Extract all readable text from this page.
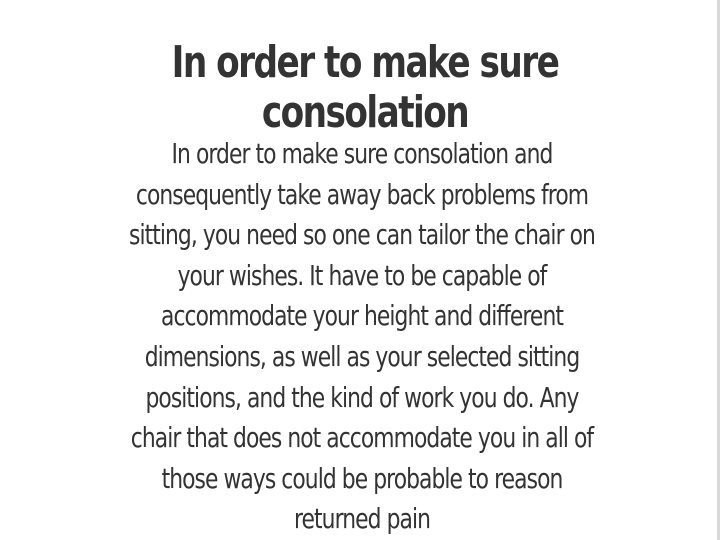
In order to make sure consolation

In order to make sure consolation and consequently take away back problems from sitting, you need so one can tailor the chair on your wishes. It have to be capable of accommodate your height and different dimensions, as well as your selected sitting positions, and the kind of work you do. Any chair that does not accommodate you in all of those ways could be probable to reason returned pain
